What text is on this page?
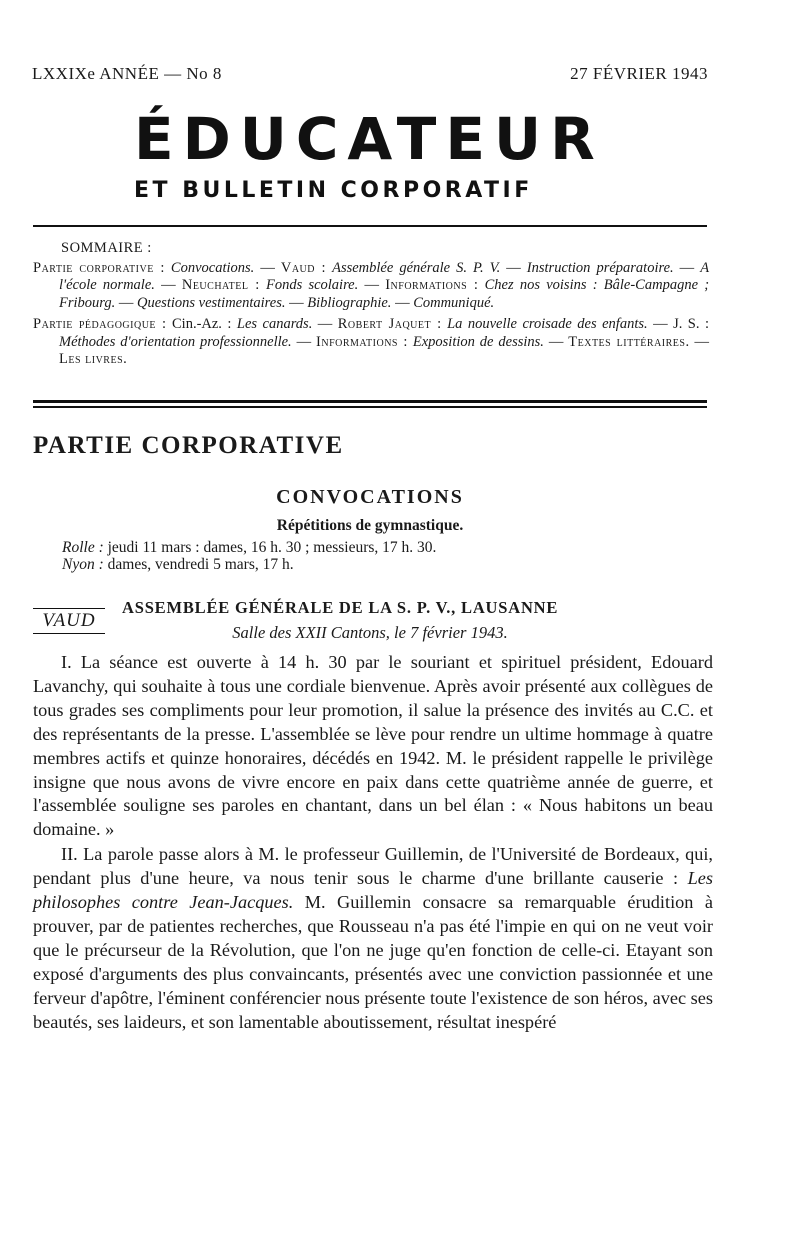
LXXIXe ANNÉE — No 8	27 FÉVRIER 1943
ÉDUCATEUR
ET BULLETIN CORPORATIF
SOMMAIRE :

Partie corporative : Convocations. — Vaud : Assemblée générale S. P. V. — Instruction préparatoire. — A l'école normale. — Neuchatel : Fonds scolaire. — Informations : Chez nos voisins : Bâle-Campagne ; Fribourg. — Questions vestimentaires. — Bibliographie. — Communiqué.

Partie pédagogique : Cin.-Az. : Les canards. — Robert Jaquet : La nouvelle croisade des enfants. — J. S. : Méthodes d'orientation professionnelle. — Informations : Exposition de dessins. — Textes littéraires. — Les livres.

PARTIE CORPORATIVE
CONVOCATIONS
Répétitions de gymnastique.
Rolle : jeudi 11 mars : dames, 16 h. 30 ; messieurs, 17 h. 30.
Nyon : dames, vendredi 5 mars, 17 h.
VAUD
ASSEMBLÉE GÉNÉRALE DE LA S. P. V., LAUSANNE
Salle des XXII Cantons, le 7 février 1943.

I. La séance est ouverte à 14 h. 30 par le souriant et spirituel président, Edouard Lavanchy, qui souhaite à tous une cordiale bienvenue. Après avoir présenté aux collègues de tous grades ses compliments pour leur promotion, il salue la présence des invités au C.C. et des représentants de la presse. L'assemblée se lève pour rendre un ultime hommage à quatre membres actifs et quinze honoraires, décédés en 1942. M. le président rappelle le privilège insigne que nous avons de vivre encore en paix dans cette quatrième année de guerre, et l'assemblée souligne ses paroles en chantant, dans un bel élan : « Nous habitons un beau domaine. »

II. La parole passe alors à M. le professeur Guillemin, de l'Université de Bordeaux, qui, pendant plus d'une heure, va nous tenir sous le charme d'une brillante causerie : Les philosophes contre Jean-Jacques. M. Guillemin consacre sa remarquable érudition à prouver, par de patientes recherches, que Rousseau n'a pas été l'impie en qui on ne veut voir que le précurseur de la Révolution, que l'on ne juge qu'en fonction de celle-ci. Etayant son exposé d'arguments des plus convaincants, présentés avec une conviction passionnée et une ferveur d'apôtre, l'éminent conférencier nous présente toute l'existence de son héros, avec ses beautés, ses laideurs, et son lamentable aboutissement, résultat inespéré
